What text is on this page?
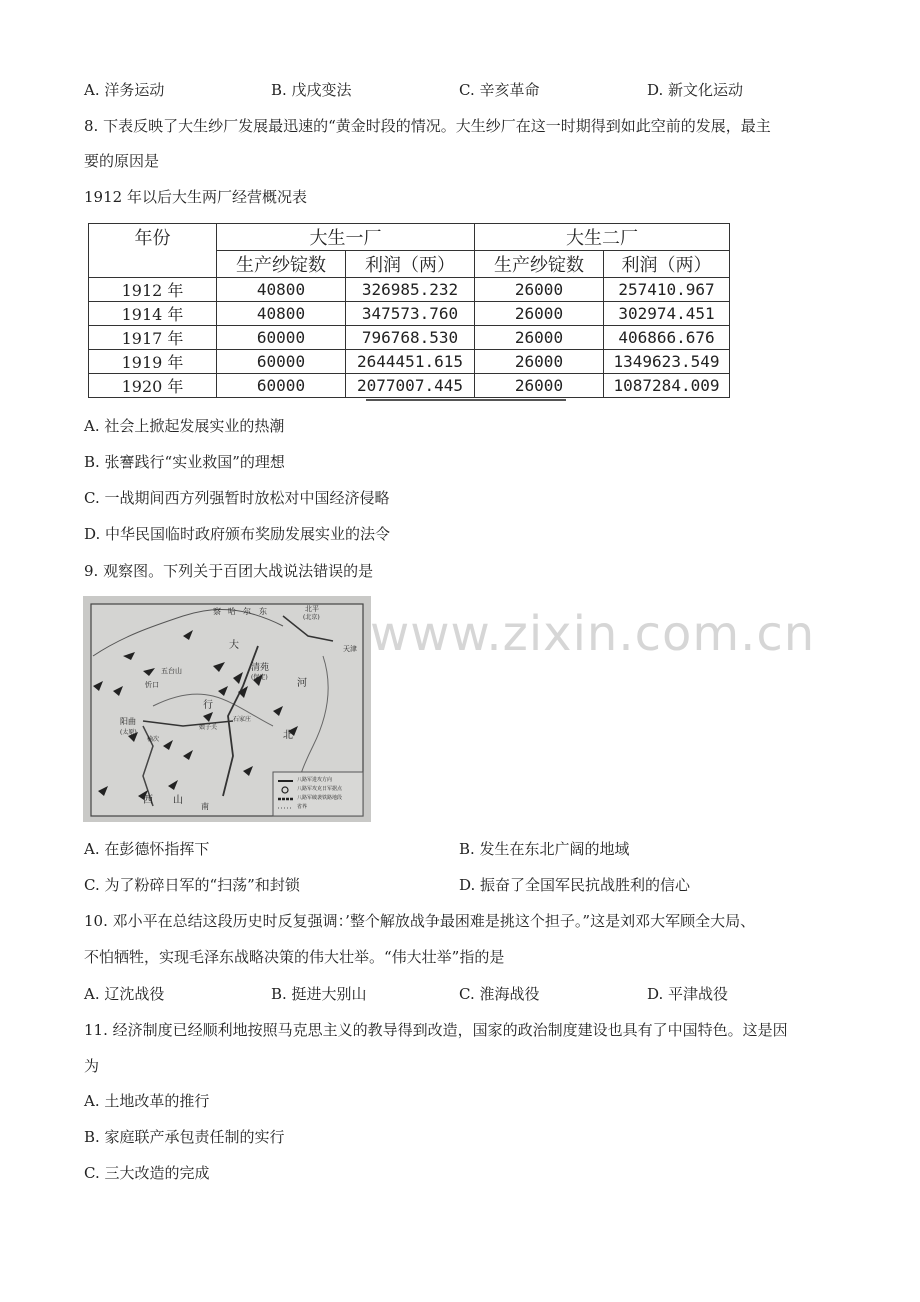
A. 洋务运动	B. 戊戌变法	C. 辛亥革命	D. 新文化运动
8. 下表反映了大生纱厂发展最迅速的“黄金时段的情况。大生纱厂在这一时期得到如此空前的发展，最主
要的原因是
1912 年以后大生两厂经营概况表
年份	大生一厂		大生二厂	
	生产纱锭数	利润（两）	生产纱锭数	利润（两）
1912 年	40800	326985.232	26000	257410.967
1914 年	40800	347573.760	26000	302974.451
1917 年	60000	796768.530	26000	406866.676
1919 年	60000	2644451.615	26000	1349623.549
1920 年	60000	2077007.445	26000	1087284.009
A. 社会上掀起发展实业的热潮
B. 张謇践行“实业救国”的理想
C. 一战期间西方列强暂时放松对中国经济侵略
D. 中华民国临时政府颁布奖励发展实业的法令
9. 观察图。下列关于百团大战说法错误的是
北平
(北京)
天津
清苑
(保定)
五台山
忻口
阳曲
(太原)
石家庄
娘子关
榆次
大
行
山
河
北
西
东
察 哈 尔
南
八路军进攻方向
八路军攻克日军据点
八路军破袭铁路地段
省界
www.zixin.com.cn
A. 在彭德怀指挥下	B. 发生在东北广阔的地域
C. 为了粉碎日军的“扫荡”和封锁	D. 振奋了全国军民抗战胜利的信心
10. 邓小平在总结这段历史时反复强调：’整个解放战争最困难是挑这个担子。”这是刘邓大军顾全大局、
不怕牺牲，实现毛泽东战略决策的伟大壮举。“伟大壮举”指的是
A. 辽沈战役	B. 挺进大别山	C. 淮海战役	D. 平津战役
11. 经济制度已经顺利地按照马克思主义的教导得到改造，国家的政治制度建设也具有了中国特色。这是因
为
A. 土地改革的推行
B. 家庭联产承包责任制的实行
C. 三大改造的完成
